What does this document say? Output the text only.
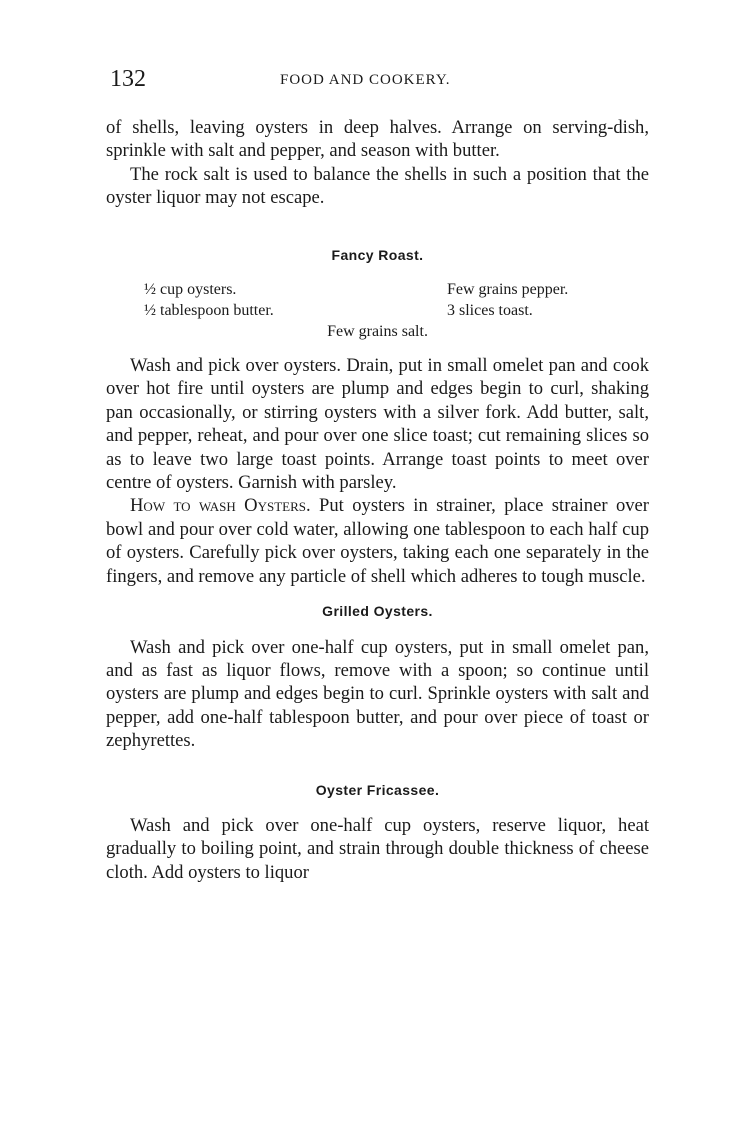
132	FOOD AND COOKERY.

of shells, leaving oysters in deep halves. Arrange on serving-dish, sprinkle with salt and pepper, and season with butter.

The rock salt is used to balance the shells in such a position that the oyster liquor may not escape.

Fancy Roast.
½ cup oysters.	Few grains pepper.
½ tablespoon butter.	3 slices toast.
Few grains salt.

Wash and pick over oysters. Drain, put in small omelet pan and cook over hot fire until oysters are plump and edges begin to curl, shaking pan occasionally, or stirring oysters with a silver fork. Add butter, salt, and pepper, reheat, and pour over one slice toast; cut remaining slices so as to leave two large toast points. Arrange toast points to meet over centre of oysters. Garnish with parsley.

How to wash Oysters. Put oysters in strainer, place strainer over bowl and pour over cold water, allowing one tablespoon to each half cup of oysters. Carefully pick over oysters, taking each one separately in the fingers, and remove any particle of shell which adheres to tough muscle.

Grilled Oysters.

Wash and pick over one-half cup oysters, put in small omelet pan, and as fast as liquor flows, remove with a spoon; so continue until oysters are plump and edges begin to curl. Sprinkle oysters with salt and pepper, add one-half tablespoon butter, and pour over piece of toast or zephyrettes.

Oyster Fricassee.

Wash and pick over one-half cup oysters, reserve liquor, heat gradually to boiling point, and strain through double thickness of cheese cloth. Add oysters to liquor
